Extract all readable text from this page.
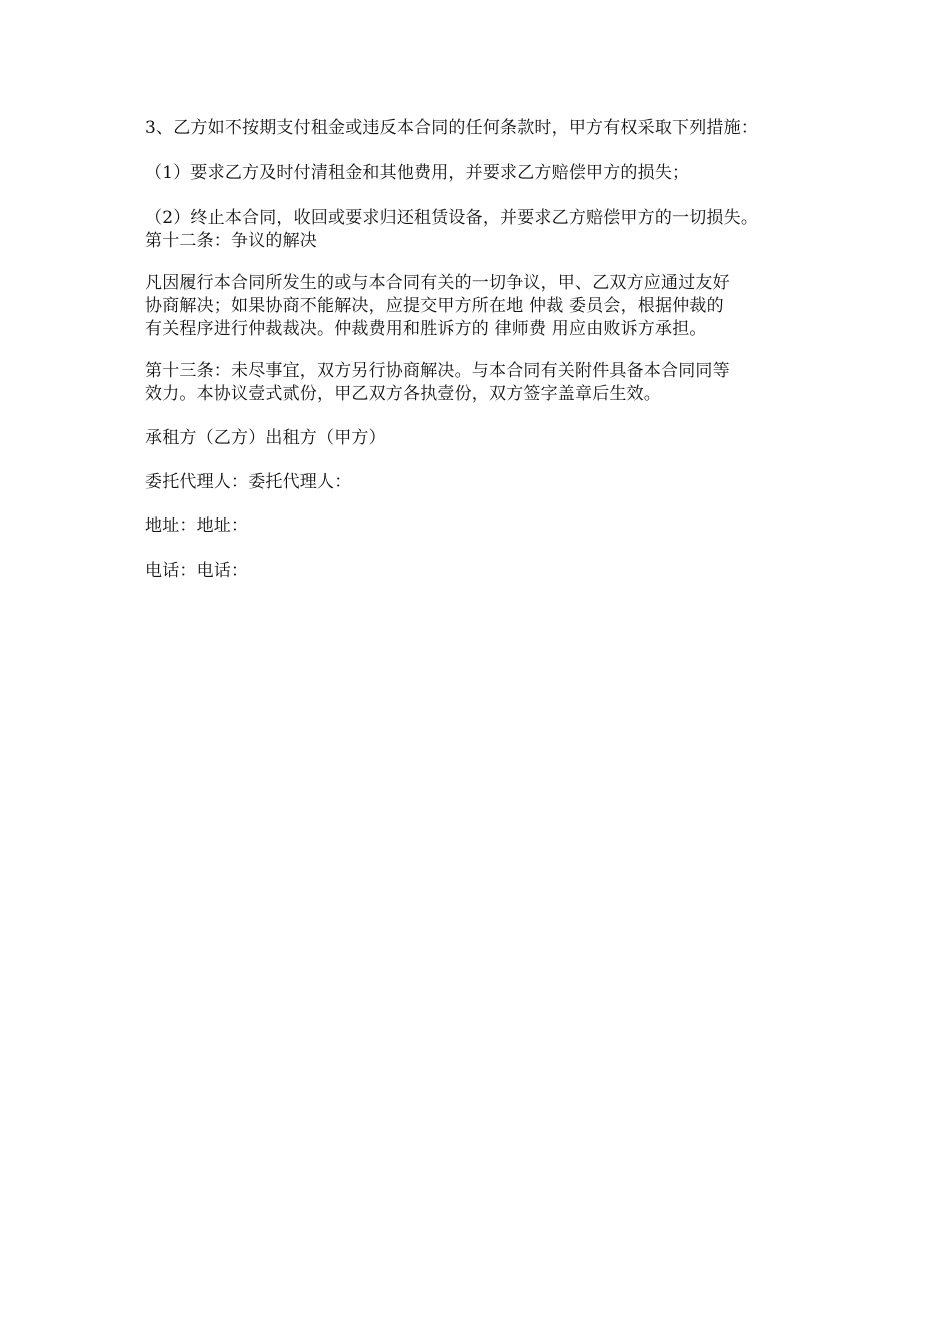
3、乙方如不按期支付租金或违反本合同的任何条款时，甲方有权采取下列措施：
（1）要求乙方及时付清租金和其他费用，并要求乙方赔偿甲方的损失；
（2）终止本合同，收回或要求归还租赁设备，并要求乙方赔偿甲方的一切损失。
第十二条：争议的解决
凡因履行本合同所发生的或与本合同有关的一切争议，甲、乙双方应通过友好
协商解决；如果协商不能解决，应提交甲方所在地 仲裁 委员会，根据仲裁的
有关程序进行仲裁裁决。仲裁费用和胜诉方的 律师费 用应由败诉方承担。
第十三条：未尽事宜，双方另行协商解决。与本合同有关附件具备本合同同等
效力。本协议壹式贰份，甲乙双方各执壹份，双方签字盖章后生效。
承租方（乙方）出租方（甲方）
委托代理人：委托代理人：
地址：地址：
电话：电话：
